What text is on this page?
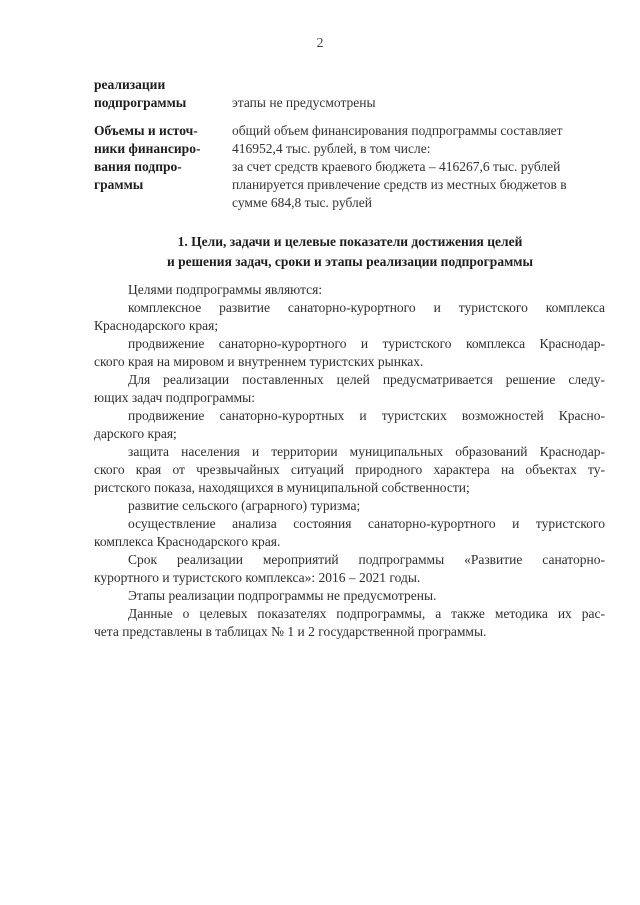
2
реализации
подпрограммы
	этапы не предусмотрены
Объемы и источ-
ники финансиро-
вания подпро-
граммы
общий объем финансирования подпрограммы составляет
416952,4 тыс. рублей, в том числе:
за счет средств краевого бюджета – 416267,6 тыс. рублей
планируется привлечение средств из местных бюджетов в
сумме 684,8 тыс. рублей
1. Цели, задачи и целевые показатели достижения целей
и решения задач, сроки и этапы реализации подпрограммы
Целями подпрограммы являются:
комплексное развитие санаторно-курортного и туристского комплекса
Краснодарского края;
продвижение санаторно-курортного и туристского комплекса Краснодар-
ского края на мировом и внутреннем туристских рынках.
Для реализации поставленных целей предусматривается решение следу-
ющих задач подпрограммы:
продвижение санаторно-курортных и туристских возможностей Красно-
дарского края;
защита населения и территории муниципальных образований Краснодар-
ского края от чрезвычайных ситуаций природного характера на объектах ту-
ристского показа, находящихся в муниципальной собственности;
развитие сельского (аграрного) туризма;
осуществление анализа состояния санаторно-курортного и туристского
комплекса Краснодарского края.
Срок реализации мероприятий подпрограммы «Развитие санаторно-
курортного и туристского комплекса»: 2016 – 2021 годы.
Этапы реализации подпрограммы не предусмотрены.
Данные о целевых показателях подпрограммы, а также методика их рас-
чета представлены в таблицах № 1 и 2 государственной программы.
